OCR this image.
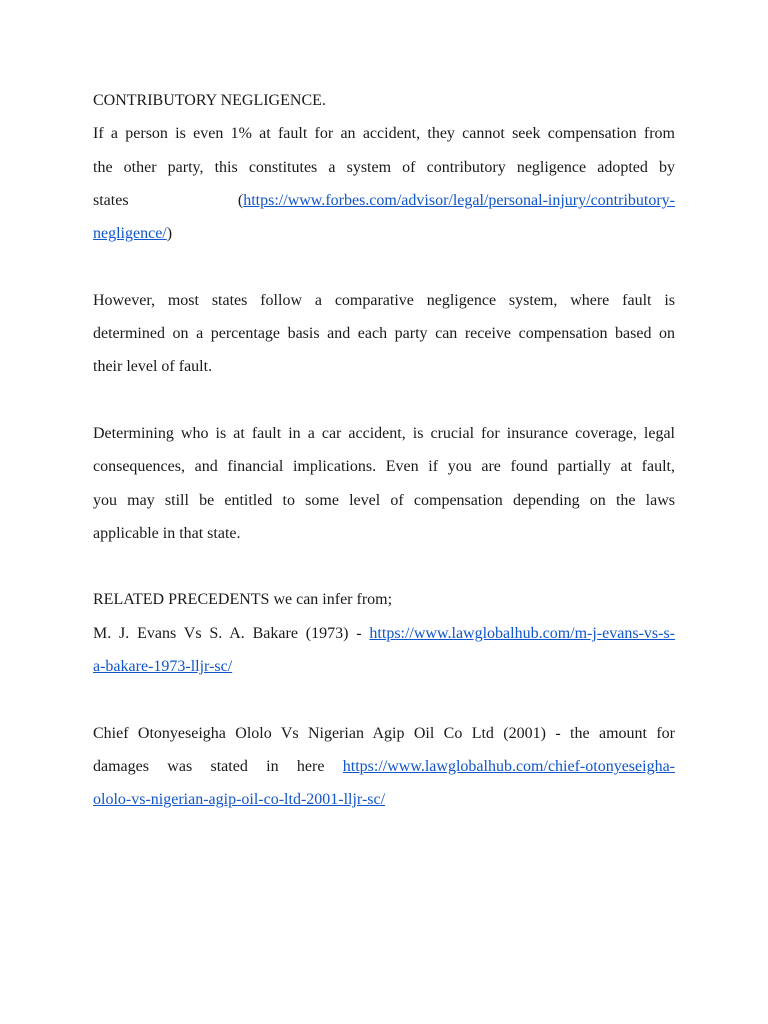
CONTRIBUTORY NEGLIGENCE.
If a person is even 1% at fault for an accident, they cannot seek compensation from
the other party, this constitutes a system of contributory negligence adopted by
states	(https://www.forbes.com/advisor/legal/personal-injury/contributory-
negligence/)
However, most states follow a comparative negligence system, where fault is
determined on a percentage basis and each party can receive compensation based on
their level of fault.
Determining who is at fault in a car accident, is crucial for insurance coverage, legal
consequences, and financial implications. Even if you are found partially at fault,
you may still be entitled to some level of compensation depending on the laws
applicable in that state.
RELATED PRECEDENTS we can infer from;
M. J. Evans Vs S. A. Bakare (1973) - https://www.lawglobalhub.com/m-j-evans-vs-s-
a-bakare-1973-lljr-sc/
Chief Otonyeseigha Ololo Vs Nigerian Agip Oil Co Ltd (2001) - the amount for
damages was stated in here https://www.lawglobalhub.com/chief-otonyeseigha-
ololo-vs-nigerian-agip-oil-co-ltd-2001-lljr-sc/
